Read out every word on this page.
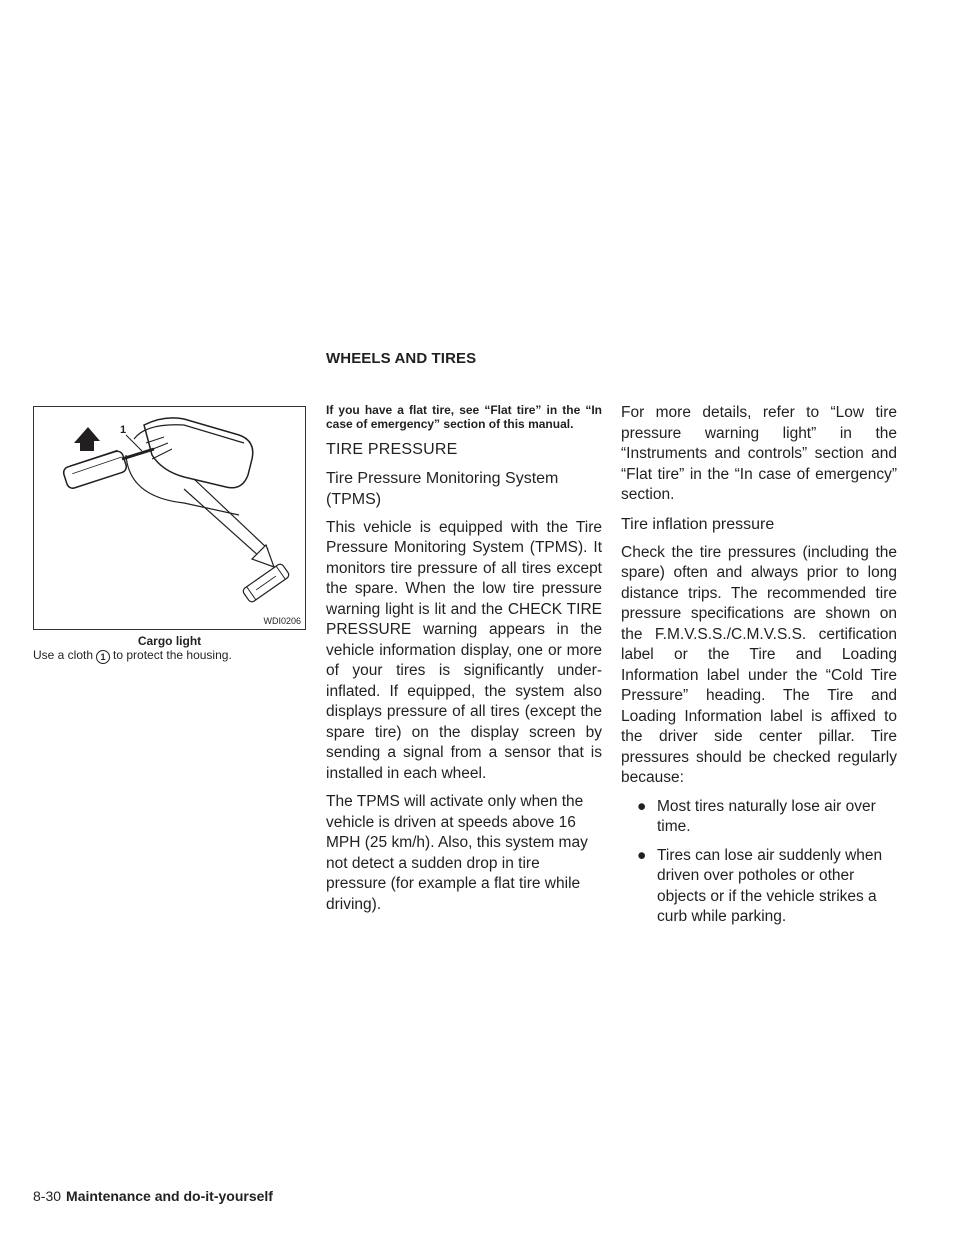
WHEELS AND TIRES
1
WDI0206
Cargo light
Use a cloth 1 to protect the housing.

If you have a flat tire, see “Flat tire” in the “In case of emergency” section of this manual.

TIRE PRESSURE

Tire Pressure Monitoring System (TPMS)

This vehicle is equipped with the Tire Pressure Monitoring System (TPMS). It monitors tire pressure of all tires except the spare. When the low tire pressure warning light is lit and the CHECK TIRE PRESSURE warning appears in the vehicle information display, one or more of your tires is significantly under-inflated. If equipped, the system also displays pressure of all tires (except the spare tire) on the display screen by sending a signal from a sensor that is installed in each wheel.

The TPMS will activate only when the vehicle is driven at speeds above 16 MPH (25 km/h). Also, this system may not detect a sudden drop in tire pressure (for example a flat tire while driving).

For more details, refer to “Low tire pressure warning light” in the “Instruments and controls” section and “Flat tire” in the “In case of emergency” section.

Tire inflation pressure

Check the tire pressures (including the spare) often and always prior to long distance trips. The recommended tire pressure specifications are shown on the F.M.V.S.S./C.M.V.S.S. certification label or the Tire and Loading Information label under the “Cold Tire Pressure” heading. The Tire and Loading Information label is affixed to the driver side center pillar. Tire pressures should be checked regularly because:

● Most tires naturally lose air over time.
● Tires can lose air suddenly when driven over potholes or other objects or if the vehicle strikes a curb while parking.
8-30 Maintenance and do-it-yourself
